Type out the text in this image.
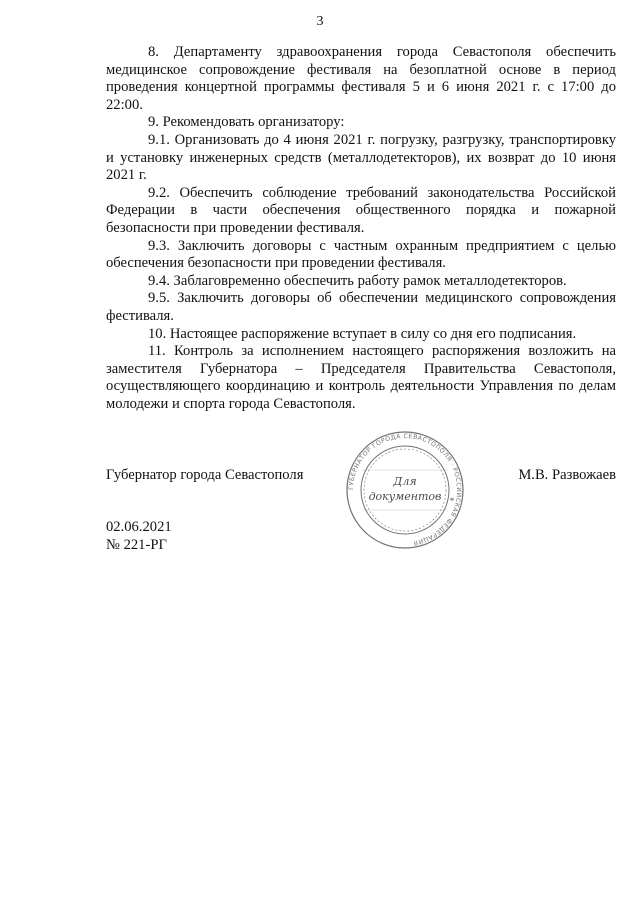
3

8. Департаменту здравоохранения города Севастополя обеспечить медицинское сопровождение фестиваля на безоплатной основе в период проведения концертной программы фестиваля 5 и 6 июня 2021 г. с 17:00 до 22:00.

9. Рекомендовать организатору:

9.1. Организовать до 4 июня 2021 г. погрузку, разгрузку, транспортировку и установку инженерных средств (металлодетекторов), их возврат до 10 июня 2021 г.

9.2. Обеспечить соблюдение требований законодательства Российской Федерации в части обеспечения общественного порядка и пожарной безопасности при проведении фестиваля.

9.3. Заключить договоры с частным охранным предприятием с целью обеспечения безопасности при проведении фестиваля.

9.4. Заблаговременно обеспечить работу рамок металлодетекторов.

9.5. Заключить договоры об обеспечении медицинского сопровождения фестиваля.

10. Настоящее распоряжение вступает в силу со дня его подписания.

11. Контроль за исполнением настоящего распоряжения возложить на заместителя Губернатора – Председателя Правительства Севастополя, осуществляющего координацию и контроль деятельности Управления по делам молодежи и спорта города Севастополя.

Губернатор города Севастополя	М.В. Развожаев
ГУБЕРНАТОР ГОРОДА СЕВАСТОПОЛЯ · РОССИЙСКАЯ ФЕДЕРАЦИЯ
Для
документов *
02.06.2021
№ 221-РГ
